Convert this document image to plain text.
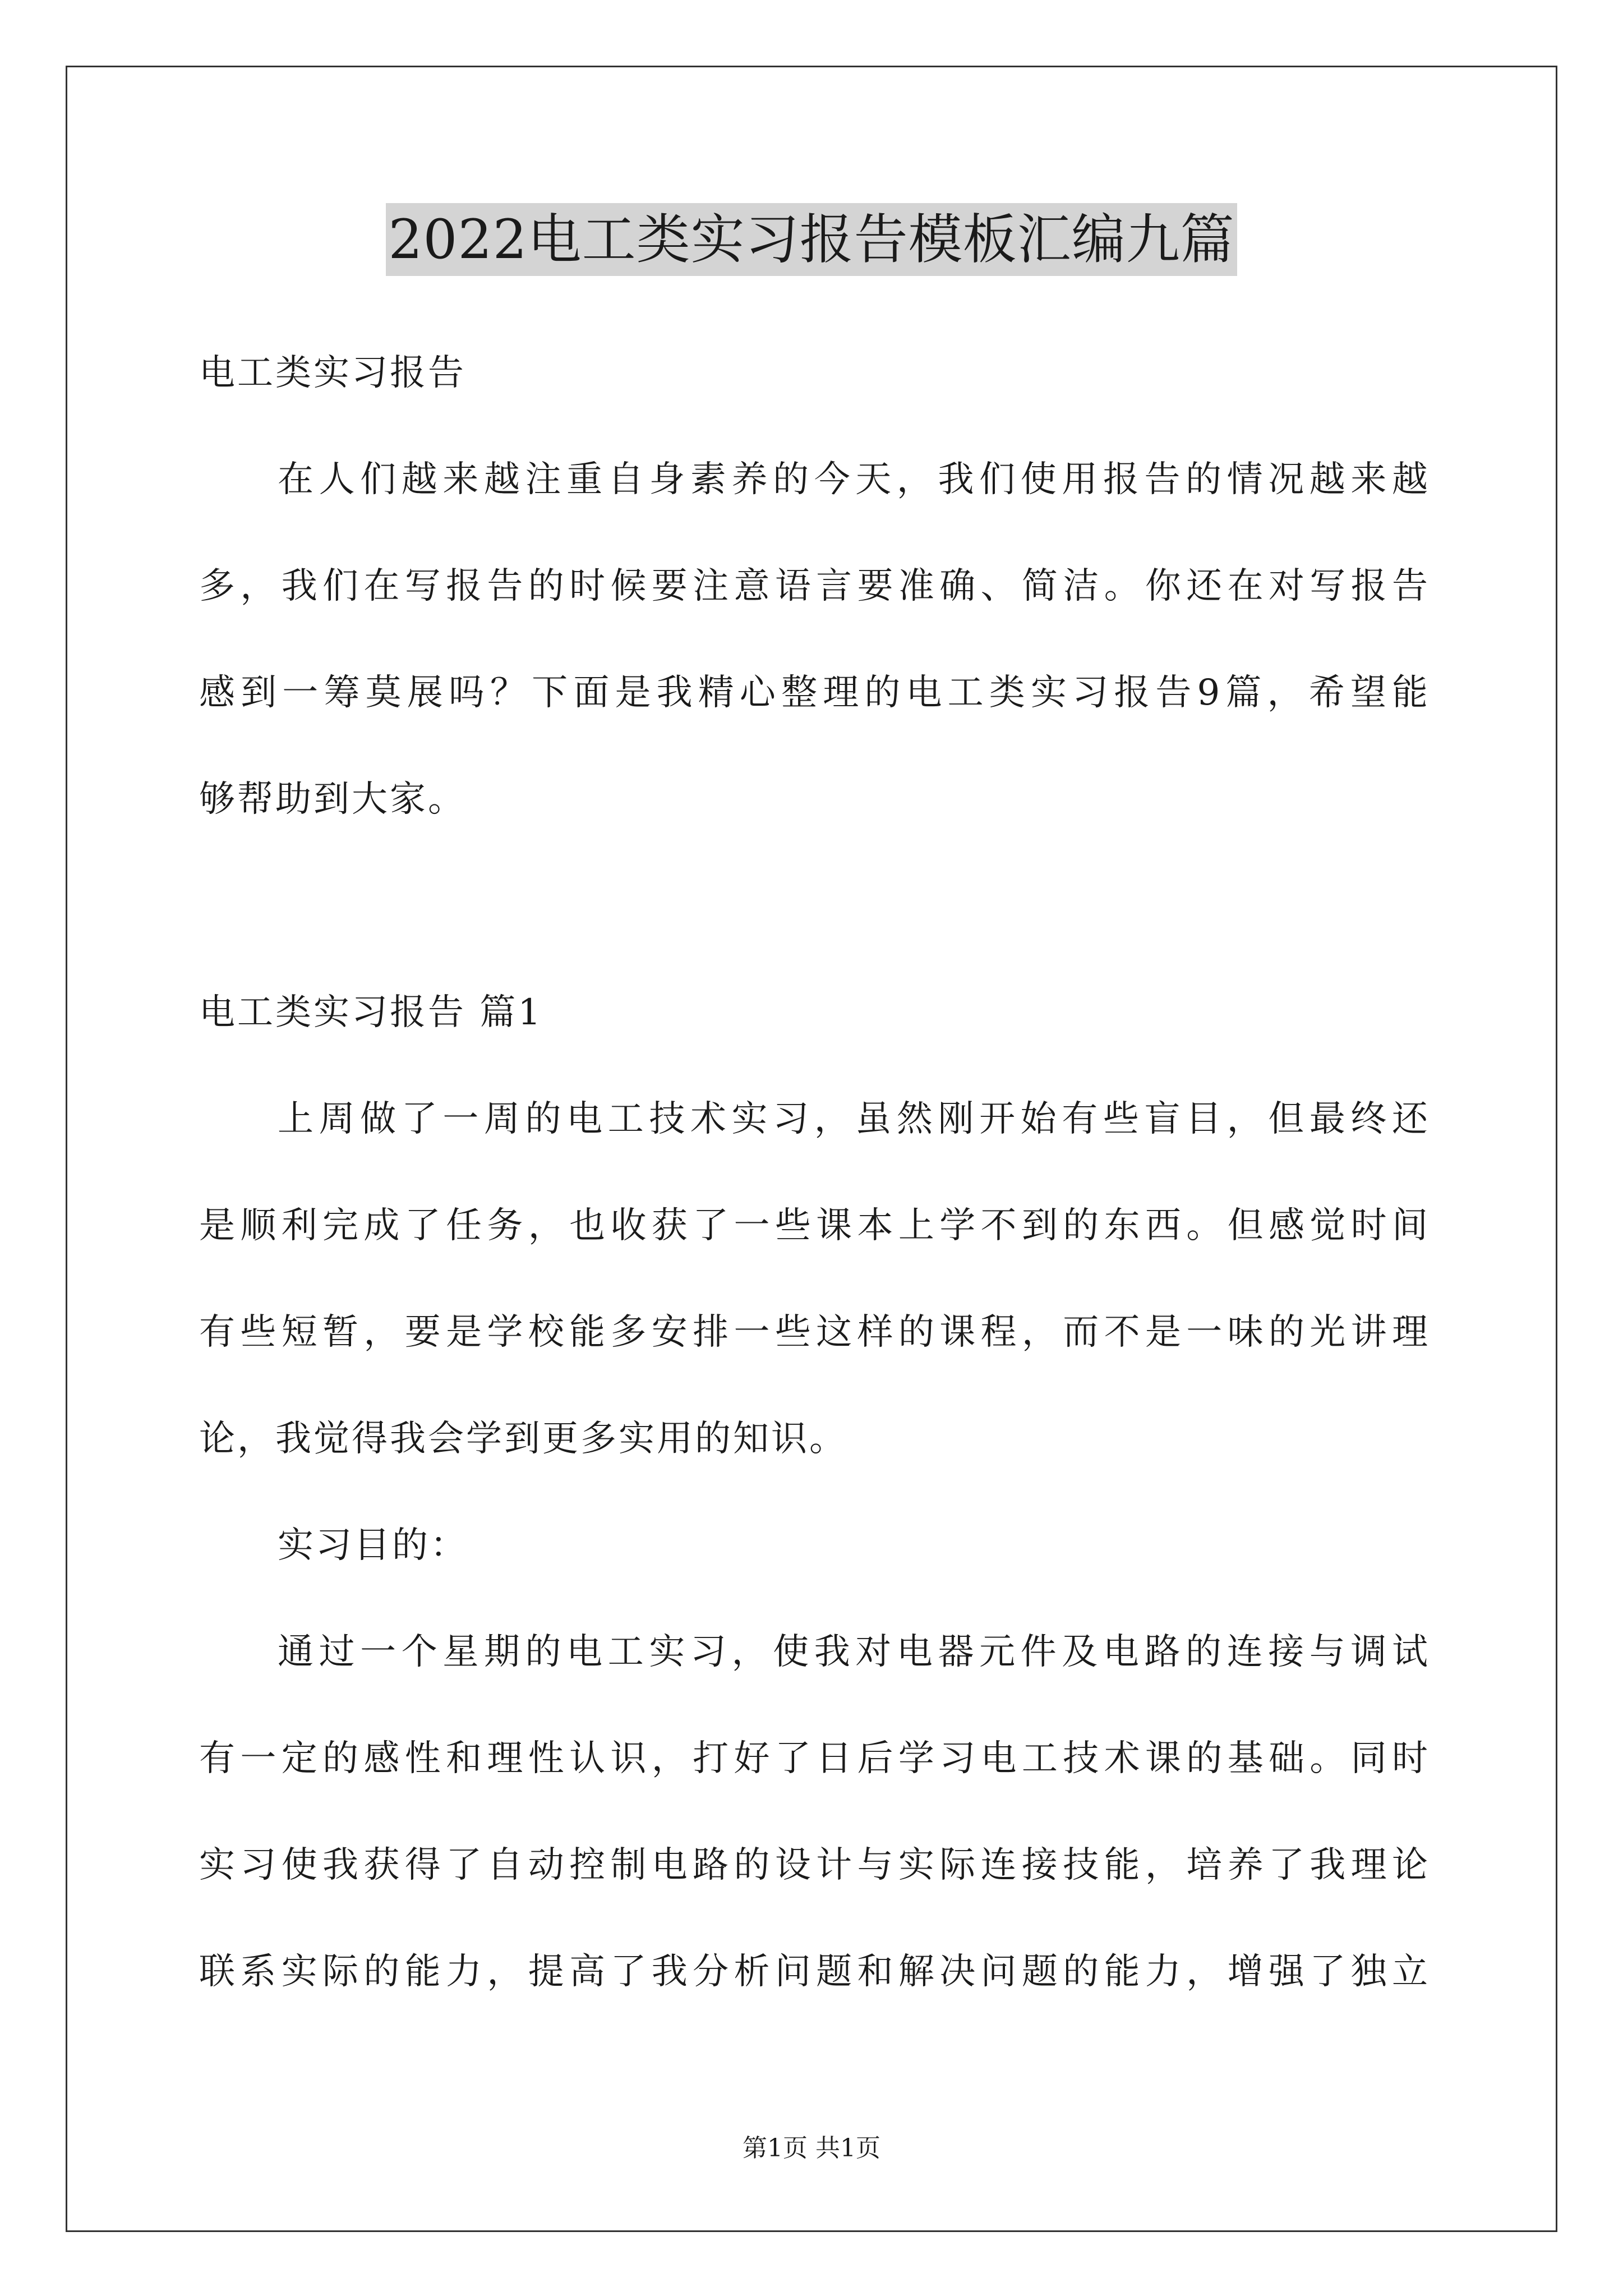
2022电工类实习报告模板汇编九篇

电工类实习报告

在人们越来越注重自身素养的今天，我们使用报告的情况越来越

多，我们在写报告的时候要注意语言要准确、简洁。你还在对写报告

感到一筹莫展吗？下面是我精心整理的电工类实习报告9篇，希望能

够帮助到大家。

电工类实习报告 篇1

上周做了一周的电工技术实习，虽然刚开始有些盲目，但最终还

是顺利完成了任务，也收获了一些课本上学不到的东西。但感觉时间

有些短暂，要是学校能多安排一些这样的课程，而不是一味的光讲理

论，我觉得我会学到更多实用的知识。

实习目的：

通过一个星期的电工实习，使我对电器元件及电路的连接与调试

有一定的感性和理性认识，打好了日后学习电工技术课的基础。同时

实习使我获得了自动控制电路的设计与实际连接技能，培养了我理论

联系实际的能力，提高了我分析问题和解决问题的能力，增强了独立

第1页 共1页
